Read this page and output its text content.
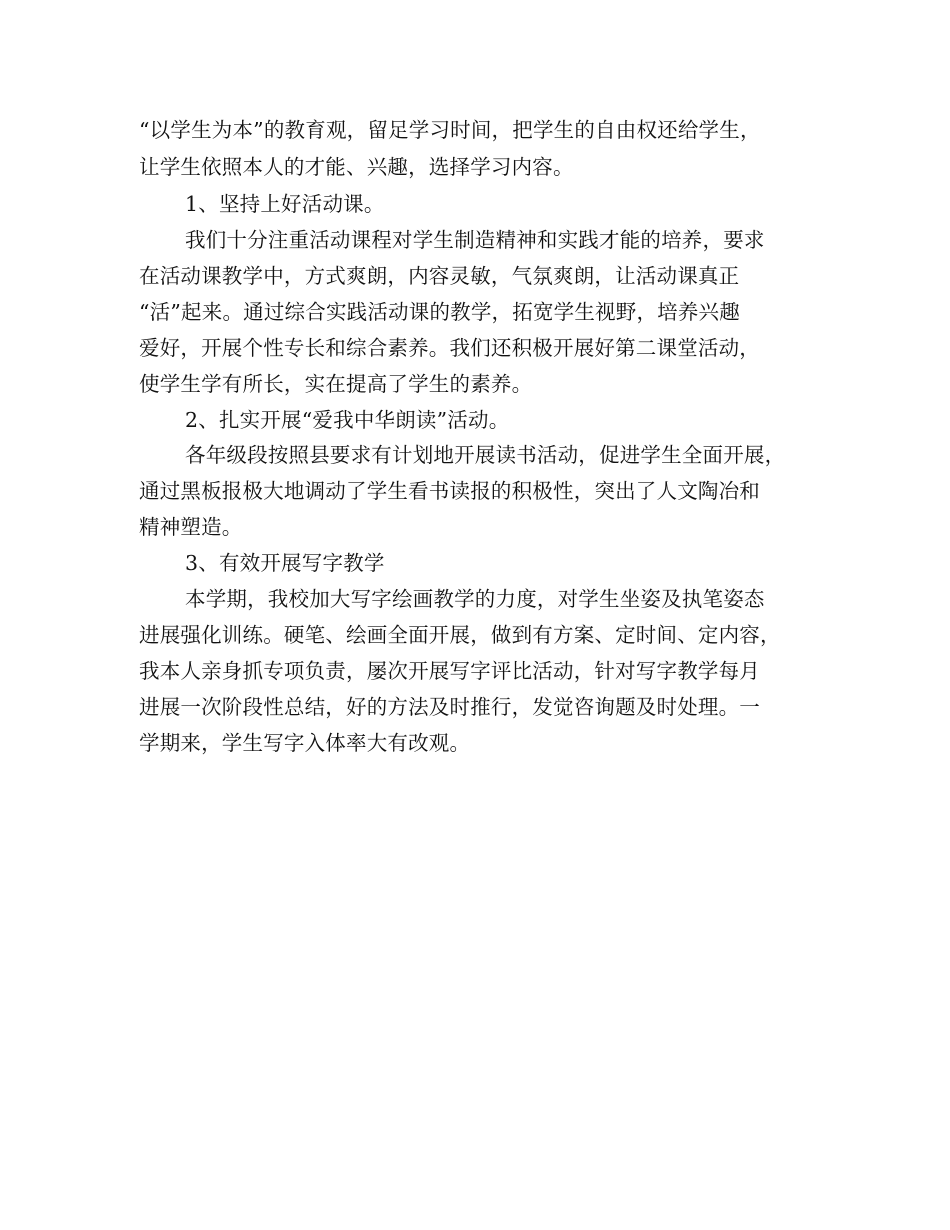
“以学生为本”的教育观，留足学习时间，把学生的自由权还给学生，
让学生依照本人的才能、兴趣，选择学习内容。
1、坚持上好活动课。
我们十分注重活动课程对学生制造精神和实践才能的培养，要求
在活动课教学中，方式爽朗，内容灵敏，气氛爽朗，让活动课真正
“活”起来。通过综合实践活动课的教学，拓宽学生视野，培养兴趣
爱好，开展个性专长和综合素养。我们还积极开展好第二课堂活动，
使学生学有所长，实在提高了学生的素养。
2、扎实开展“爱我中华朗读”活动。
各年级段按照县要求有计划地开展读书活动，促进学生全面开展，
通过黑板报极大地调动了学生看书读报的积极性，突出了人文陶冶和
精神塑造。
3、有效开展写字教学
本学期，我校加大写字绘画教学的力度，对学生坐姿及执笔姿态
进展强化训练。硬笔、绘画全面开展，做到有方案、定时间、定内容，
我本人亲身抓专项负责，屡次开展写字评比活动，针对写字教学每月
进展一次阶段性总结，好的方法及时推行，发觉咨询题及时处理。一
学期来，学生写字入体率大有改观。
